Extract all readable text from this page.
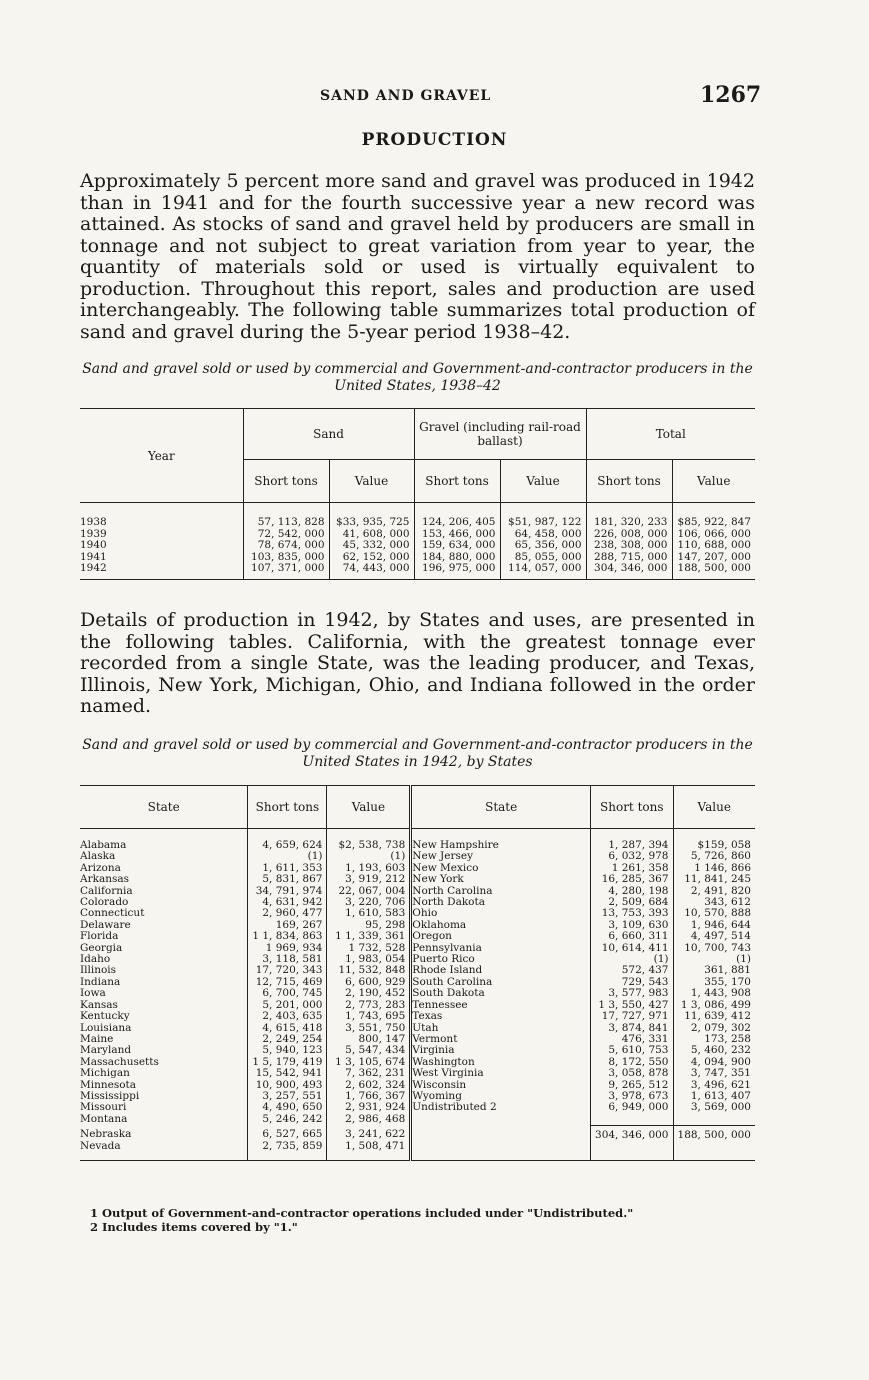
SAND AND GRAVEL	1267
PRODUCTION
Approximately 5 percent more sand and gravel was produced in 1942 than in 1941 and for the fourth successive year a new record was attained. As stocks of sand and gravel held by producers are small in tonnage and not subject to great variation from year to year, the quantity of materials sold or used is virtually equivalent to production. Throughout this report, sales and production are used interchangeably. The following table summarizes total production of sand and gravel during the 5-year period 1938–42.
Sand and gravel sold or used by commercial and Government-and-contractor producers in the United States, 1938–42
Year	Sand		Gravel (including rail-road ballast)		Total	
	Short tons	Value	Short tons	Value	Short tons	Value
1938	57, 113, 828	$33, 935, 725	124, 206, 405	$51, 987, 122	181, 320, 233	$85, 922, 847
1939	72, 542, 000	41, 608, 000	153, 466, 000	64, 458, 000	226, 008, 000	106, 066, 000
1940	78, 674, 000	45, 332, 000	159, 634, 000	65, 356, 000	238, 308, 000	110, 688, 000
1941	103, 835, 000	62, 152, 000	184, 880, 000	85, 055, 000	288, 715, 000	147, 207, 000
1942	107, 371, 000	74, 443, 000	196, 975, 000	114, 057, 000	304, 346, 000	188, 500, 000
Details of production in 1942, by States and uses, are presented in the following tables. California, with the greatest tonnage ever recorded from a single State, was the leading producer, and Texas, Illinois, New York, Michigan, Ohio, and Indiana followed in the order named.
Sand and gravel sold or used by commercial and Government-and-contractor producers in the United States in 1942, by States
State	Short tons	Value	State	Short tons	Value
Alabama	4, 659, 624	$2, 538, 738	New Hampshire	1, 287, 394	$159, 058
Alaska	(1)	(1)	New Jersey	6, 032, 978	5, 726, 860
Arizona	1, 611, 353	1, 193, 603	New Mexico	1 261, 358	1 146, 866
Arkansas	5, 831, 867	3, 919, 212	New York	16, 285, 367	11, 841, 245
California	34, 791, 974	22, 067, 004	North Carolina	4, 280, 198	2, 491, 820
Colorado	4, 631, 942	3, 220, 706	North Dakota	2, 509, 684	343, 612
Connecticut	2, 960, 477	1, 610, 583	Ohio	13, 753, 393	10, 570, 888
Delaware	169, 267	95, 298	Oklahoma	3, 109, 630	1, 946, 644
Florida	1 1, 834, 863	1 1, 339, 361	Oregon	6, 660, 311	4, 497, 514
Georgia	1 969, 934	1 732, 528	Pennsylvania	10, 614, 411	10, 700, 743
Idaho	3, 118, 581	1, 983, 054	Puerto Rico	(1)	(1)
Illinois	17, 720, 343	11, 532, 848	Rhode Island	572, 437	361, 881
Indiana	12, 715, 469	6, 600, 929	South Carolina	729, 543	355, 170
Iowa	6, 700, 745	2, 190, 452	South Dakota	3, 577, 983	1, 443, 908
Kansas	5, 201, 000	2, 773, 283	Tennessee	1 3, 550, 427	1 3, 086, 499
Kentucky	2, 403, 635	1, 743, 695	Texas	17, 727, 971	11, 639, 412
Louisiana	4, 615, 418	3, 551, 750	Utah	3, 874, 841	2, 079, 302
Maine	2, 249, 254	800, 147	Vermont	476, 331	173, 258
Maryland	5, 940, 123	5, 547, 434	Virginia	5, 610, 753	5, 460, 232
Massachusetts	1 5, 179, 419	1 3, 105, 674	Washington	8, 172, 550	4, 094, 900
Michigan	15, 542, 941	7, 362, 231	West Virginia	3, 058, 878	3, 747, 351
Minnesota	10, 900, 493	2, 602, 324	Wisconsin	9, 265, 512	3, 496, 621
Mississippi	3, 257, 551	1, 766, 367	Wyoming	3, 978, 673	1, 613, 407
Missouri	4, 490, 650	2, 931, 924	Undistributed 2	6, 949, 000	3, 569, 000
Montana	5, 246, 242	2, 986, 468			
Nebraska	6, 527, 665	3, 241, 622		304, 346, 000	188, 500, 000
Nevada	2, 735, 859	1, 508, 471			
1 Output of Government-and-contractor operations included under "Undistributed."
2 Includes items covered by "1."
